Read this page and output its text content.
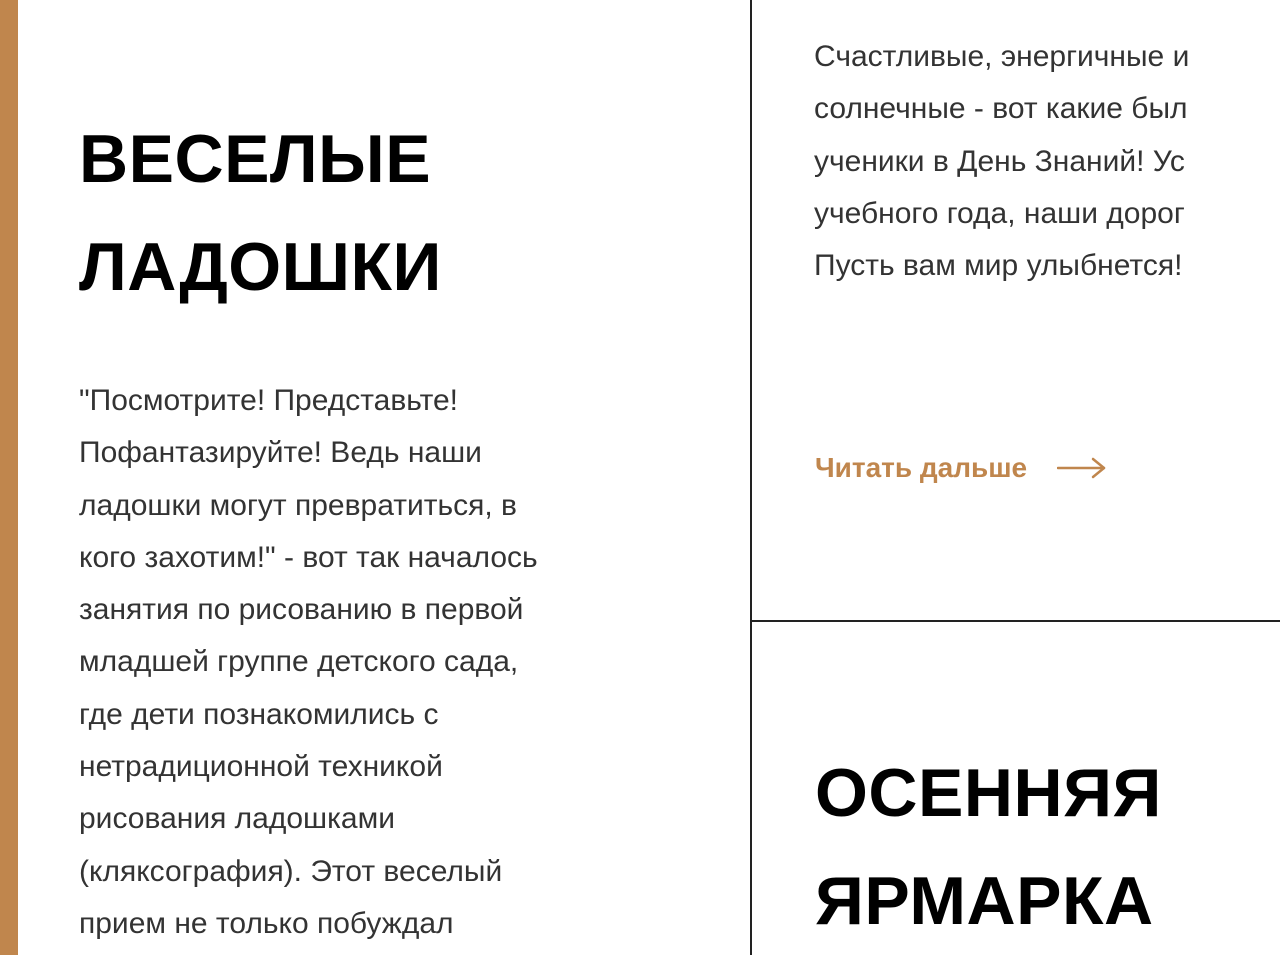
ВЕСЕЛЫЕ
ЛАДОШКИ

"Посмотрите! Представьте!
Пофантазируйте! Ведь наши
ладошки могут превратиться, в
кого захотим!" - вот так началось
занятия по рисованию в первой
младшей группе детского сада,
где дети познакомились с
нетрадиционной техникой
рисования ладошками
(кляксография). Этот веселый
прием не только побуждал

Счастливые, энергичные и
солнечные - вот какие был
ученики в День Знаний! Ус
учебного года, наши дорог
Пусть вам мир улыбнется!

Читать дальше
ОСЕННЯЯ
ЯРМАРКА
